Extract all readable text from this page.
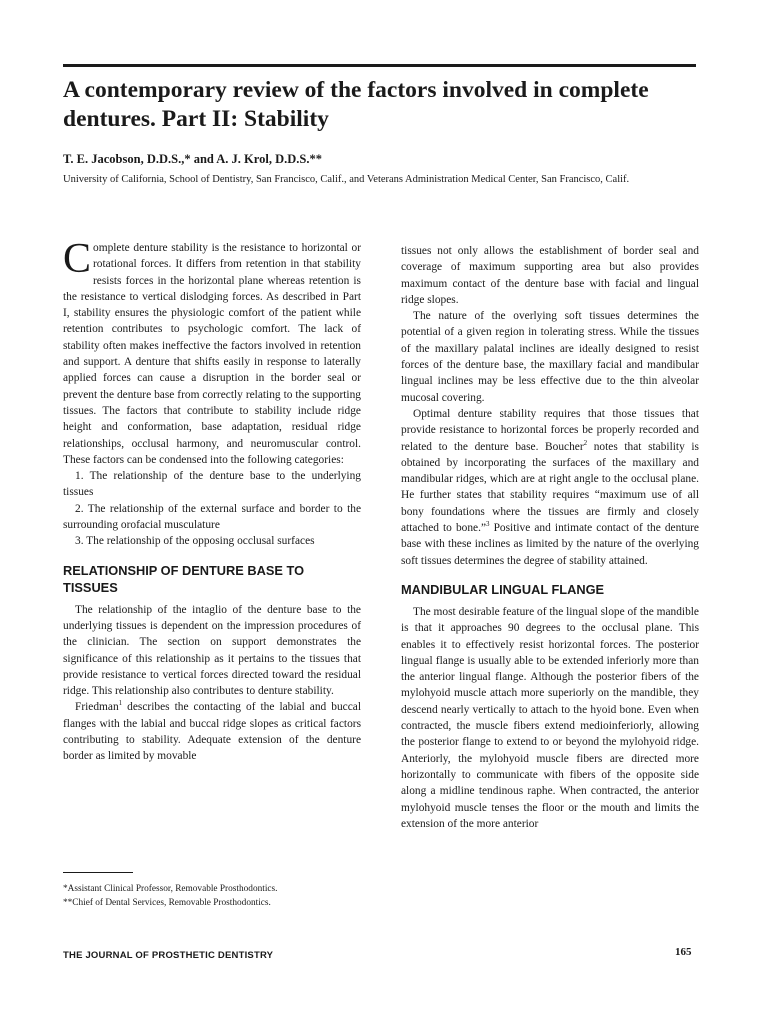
A contemporary review of the factors involved in complete dentures. Part II: Stability

T. E. Jacobson, D.D.S.,* and A. J. Krol, D.D.S.**

University of California, School of Dentistry, San Francisco, Calif., and Veterans Administration Medical Center, San Francisco, Calif.

Complete denture stability is the resistance to horizontal or rotational forces. It differs from retention in that stability resists forces in the horizontal plane whereas retention is the resistance to vertical dislodging forces. As described in Part I, stability ensures the physiologic comfort of the patient while retention contributes to psychologic comfort. The lack of stability often makes ineffective the factors involved in retention and support. A denture that shifts easily in response to laterally applied forces can cause a disruption in the border seal or prevent the denture base from correctly relating to the supporting tissues. The factors that contribute to stability include ridge height and conformation, base adaptation, residual ridge relationships, occlusal harmony, and neuromuscular control. These factors can be condensed into the following categories:

1. The relationship of the denture base to the underlying tissues

2. The relationship of the external surface and border to the surrounding orofacial musculature

3. The relationship of the opposing occlusal surfaces

RELATIONSHIP OF DENTURE BASE TO TISSUES

The relationship of the intaglio of the denture base to the underlying tissues is dependent on the impression procedures of the clinician. The section on support demonstrates the significance of this relationship as it pertains to the tissues that provide resistance to vertical forces directed toward the residual ridge. This relationship also contributes to denture stability.

Friedman$^1$ describes the contacting of the labial and buccal flanges with the labial and buccal ridge slopes as critical factors contributing to stability. Adequate extension of the denture border as limited by movable

tissues not only allows the establishment of border seal and coverage of maximum supporting area but also provides maximum contact of the denture base with facial and lingual ridge slopes.

The nature of the overlying soft tissues determines the potential of a given region in tolerating stress. While the tissues of the maxillary palatal inclines are ideally designed to resist forces of the denture base, the maxillary facial and mandibular lingual inclines may be less effective due to the thin alveolar mucosal covering.

Optimal denture stability requires that those tissues that provide resistance to horizontal forces be properly recorded and related to the denture base. Boucher$^2$ notes that stability is obtained by incorporating the surfaces of the maxillary and mandibular ridges, which are at right angle to the occlusal plane. He further states that stability requires “maximum use of all bony foundations where the tissues are firmly and closely attached to bone.”$^3$ Positive and intimate contact of the denture base with these inclines as limited by the nature of the overlying soft tissues determines the degree of stability attained.

MANDIBULAR LINGUAL FLANGE

The most desirable feature of the lingual slope of the mandible is that it approaches 90 degrees to the occlusal plane. This enables it to effectively resist horizontal forces. The posterior lingual flange is usually able to be extended inferiorly more than the anterior lingual flange. Although the posterior fibers of the mylohyoid muscle attach more superiorly on the mandible, they descend nearly vertically to attach to the hyoid bone. Even when contracted, the muscle fibers extend medioinferiorly, allowing the posterior flange to extend to or beyond the mylohyoid ridge. Anteriorly, the mylohyoid muscle fibers are directed more horizontally to communicate with fibers of the opposite side along a midline tendinous raphe. When contracted, the anterior mylohyoid muscle tenses the floor or the mouth and limits the extension of the more anterior

*Assistant Clinical Professor, Removable Prosthodontics.
**Chief of Dental Services, Removable Prosthodontics.
THE JOURNAL OF PROSTHETIC DENTISTRY	165
